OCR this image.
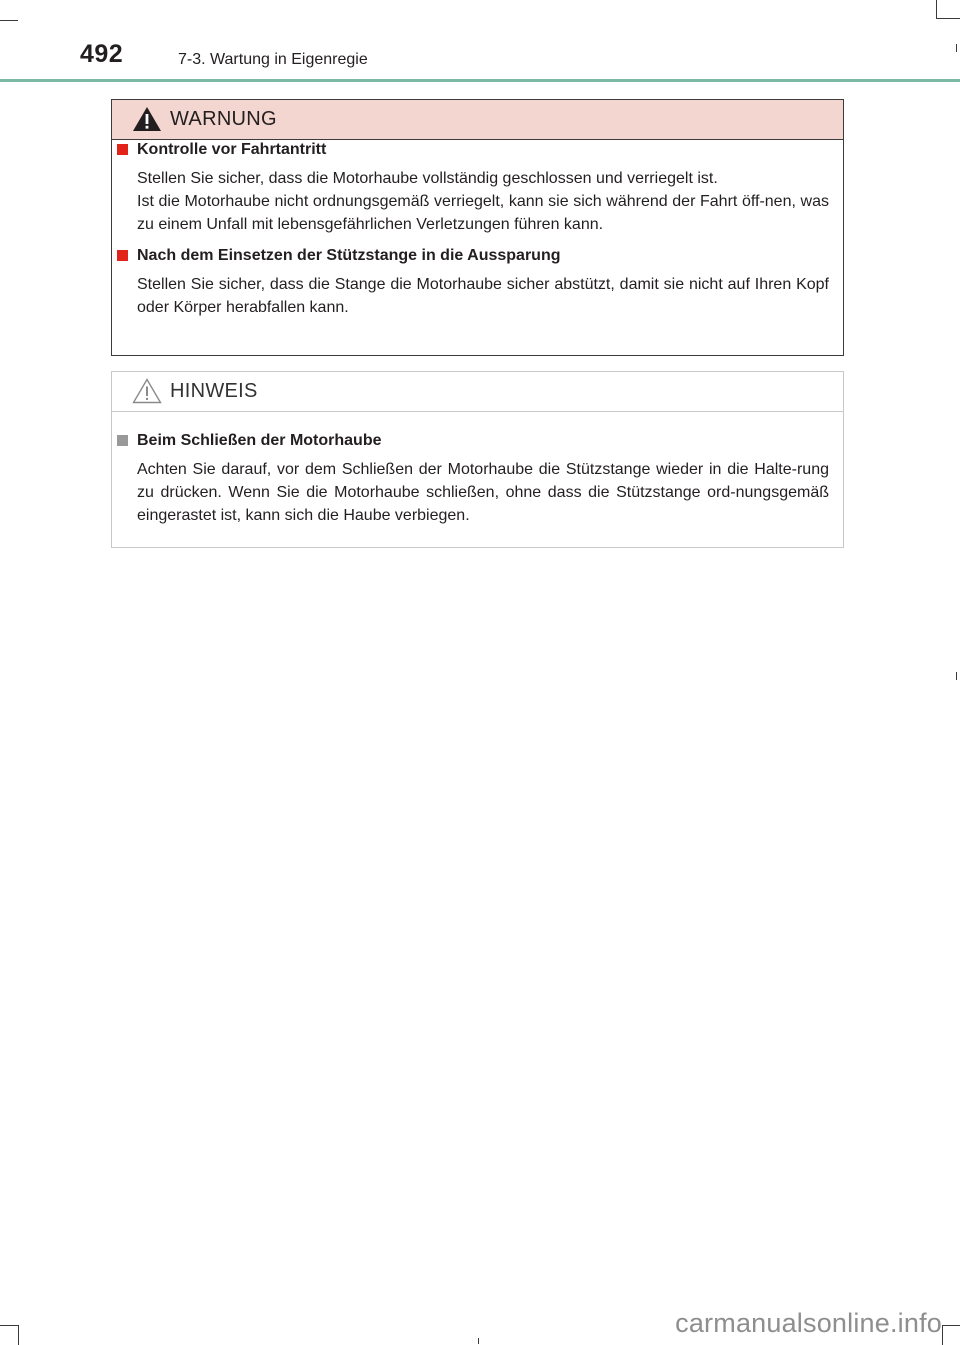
492	7-3. Wartung in Eigenregie
WARNUNG
Kontrolle vor Fahrtantritt

Stellen Sie sicher, dass die Motorhaube vollständig geschlossen und verriegelt ist.

Ist die Motorhaube nicht ordnungsgemäß verriegelt, kann sie sich während der Fahrt öff-nen, was zu einem Unfall mit lebensgefährlichen Verletzungen führen kann.

Nach dem Einsetzen der Stützstange in die Aussparung

Stellen Sie sicher, dass die Stange die Motorhaube sicher abstützt, damit sie nicht auf Ihren Kopf oder Körper herabfallen kann.

HINWEIS
Beim Schließen der Motorhaube

Achten Sie darauf, vor dem Schließen der Motorhaube die Stützstange wieder in die Halte-rung zu drücken. Wenn Sie die Motorhaube schließen, ohne dass die Stützstange ord-nungsgemäß eingerastet ist, kann sich die Haube verbiegen.

carmanualsonline.info
